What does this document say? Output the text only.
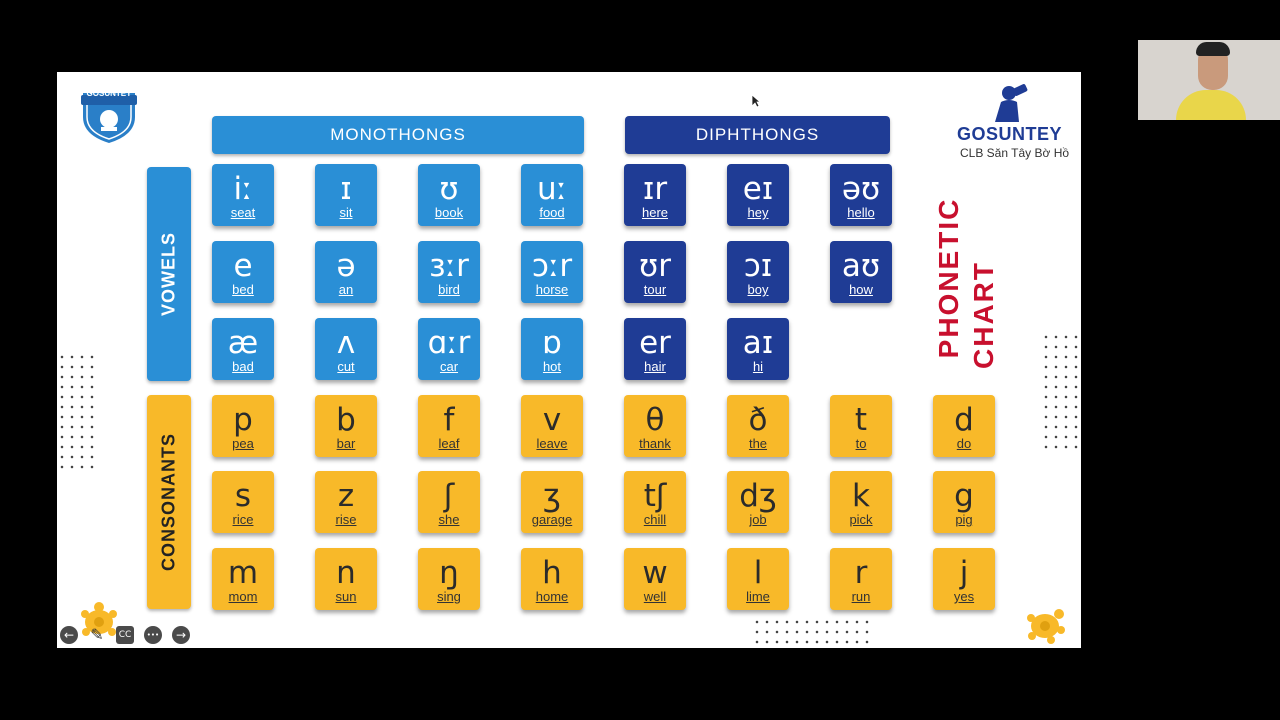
GOSUNTEY
GOSUNTEY
CLB Săn Tây Bờ Hồ
MONOTHONGS	DIPHTHONGS
VOWELS
CONSONANTS
iː
seat
ɪ
sit
ʊ
book
uː
food
ɪr
here
eɪ
hey
əʊ
hello
e
bed
ə
an
ɜːr
bird
ɔːr
horse
ʊr
tour
ɔɪ
boy
aʊ
how
æ
bad
ʌ
cut
ɑːr
car
ɒ
hot
er
hair
aɪ
hi
p
pea
b
bar
f
leaf
v
leave
θ
thank
ð
the
t
to
d
do
s
rice
z
rise
ʃ
she
ʒ
garage
tʃ
chill
dʒ
job
k
pick
g
pig
m
mom
n
sun
ŋ
sing
h
home
w
well
l
lime
r
run
j
yes
PHONETIC CHART
← ✎	CC	•••	→
